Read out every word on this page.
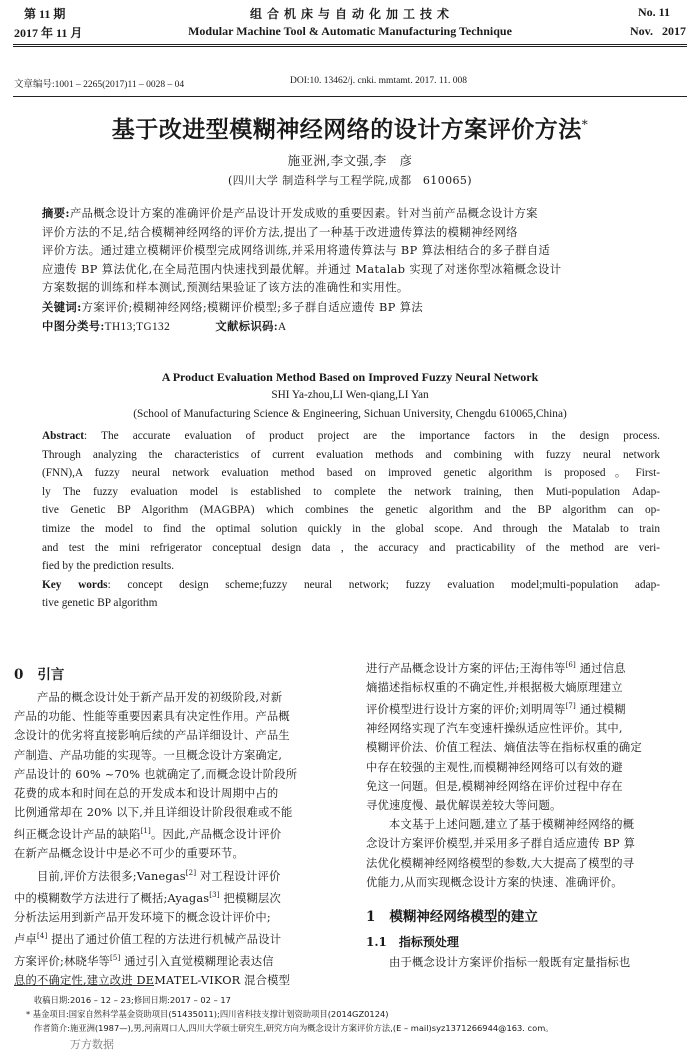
第 11 期
2017 年 11 月
组 合 机 床 与 自 动 化 加 工 技 术
Modular Machine Tool & Automatic Manufacturing Technique
No. 11
Nov.   2017
文章编号:1001 – 2265(2017)11 – 0028 – 04	DOI:10. 13462/j. cnki. mmtamt. 2017. 11. 008
基于改进型模糊神经网络的设计方案评价方法*
施亚洲,李文强,李　彦
(四川大学 制造科学与工程学院,成都　610065)
摘要:产品概念设计方案的准确评价是产品设计开发成败的重要因素。针对当前产品概念设计方案
评价方法的不足,结合模糊神经网络的评价方法,提出了一种基于改进遗传算法的模糊神经网络
评价方法。通过建立模糊评价模型完成网络训练,并采用将遗传算法与 BP 算法相结合的多子群自适
应遗传 BP 算法优化,在全局范围内快速找到最优解。并通过 Matalab 实现了对迷你型冰箱概念设计
方案数据的训练和样本测试,预测结果验证了该方法的准确性和实用性。
关键词:方案评价;模糊神经网络;模糊评价模型;多子群自适应遗传 BP 算法
中图分类号:TH13;TG132	文献标识码:A
A Product Evaluation Method Based on Improved Fuzzy Neural Network
SHI Ya-zhou,LI Wen-qiang,LI Yan
(School of Manufacturing Science & Engineering, Sichuan University, Chengdu 610065,China)
Abstract: The accurate evaluation of product project are the importance factors in the design process.
Through analyzing the characteristics of current evaluation methods and combining with fuzzy neural network
(FNN),A fuzzy neural network evaluation method based on improved genetic algorithm is proposed。First-
ly The fuzzy evaluation model is established to complete the network training, then Muti-population Adap-
tive Genetic BP Algorithm (MAGBPA) which combines the genetic algorithm and the BP algorithm can op-
timize the model to find the optimal solution quickly in the global scope. And through the Matalab to train
and test the mini refrigerator conceptual design data , the accuracy and practicability of the method are veri-
fied by the prediction results.
Key words: concept design scheme;fuzzy neural network; fuzzy evaluation model;multi-population adap-
tive genetic BP algorithm
0 引言
　　产品的概念设计处于新产品开发的初级阶段,对新
产品的功能、性能等重要因素具有决定性作用。产品概
念设计的优劣将直接影响后续的产品详细设计、产品生
产制造、产品功能的实现等。一旦概念设计方案确定,
产品设计的 60% ~70% 也就确定了,而概念设计阶段所
花费的成本和时间在总的开发成本和设计周期中占的
比例通常却在 20% 以下,并且详细设计阶段很难或不能
纠正概念设计产品的缺陷[1]。因此,产品概念设计评价
在新产品概念设计中是必不可少的重要环节。
　　目前,评价方法很多;Vanegas[2] 对工程设计评价
中的模糊数学方法进行了概括;Ayagas[3] 把模糊层次
分析法运用到新产品开发环境下的概念设计评价中;
卢卓[4] 提出了通过价值工程的方法进行机械产品设计
方案评价;林晓华等[5] 通过引入直觉模糊理论表达信
息的不确定性,建立改进 DEMATEL-VIKOR 混合模型
进行产品概念设计方案的评估;王海伟等[6] 通过信息
熵描述指标权重的不确定性,并根据极大熵原理建立
评价模型进行设计方案的评价;刘明周等[7] 通过模糊
神经网络实现了汽车变速杆操纵适应性评价。其中,
模糊评价法、价值工程法、熵值法等在指标权重的确定
中存在较强的主观性,而模糊神经网络可以有效的避
免这一问题。但是,模糊神经网络在评价过程中存在
寻优速度慢、最优解误差较大等问题。
　　本文基于上述问题,建立了基于模糊神经网络的概
念设计方案评价模型,并采用多子群自适应遗传 BP 算
法优化模糊神经网络模型的参数,大大提高了模型的寻
优能力,从而实现概念设计方案的快速、准确评价。
1 模糊神经网络模型的建立
1.1 指标预处理
　　由于概念设计方案评价指标一般既有定量指标也
收稿日期:2016 – 12 – 23;修回日期:2017 – 02 – 17
* 基金项目:国家自然科学基金资助项目(51435011);四川省科技支撑计划资助项目(2014GZ0124)
作者简介:施亚洲(1987—),男,河南周口人,四川大学硕士研究生,研究方向为概念设计方案评价方法,(E – mail)syz1371266944@163. com。
万方数据
